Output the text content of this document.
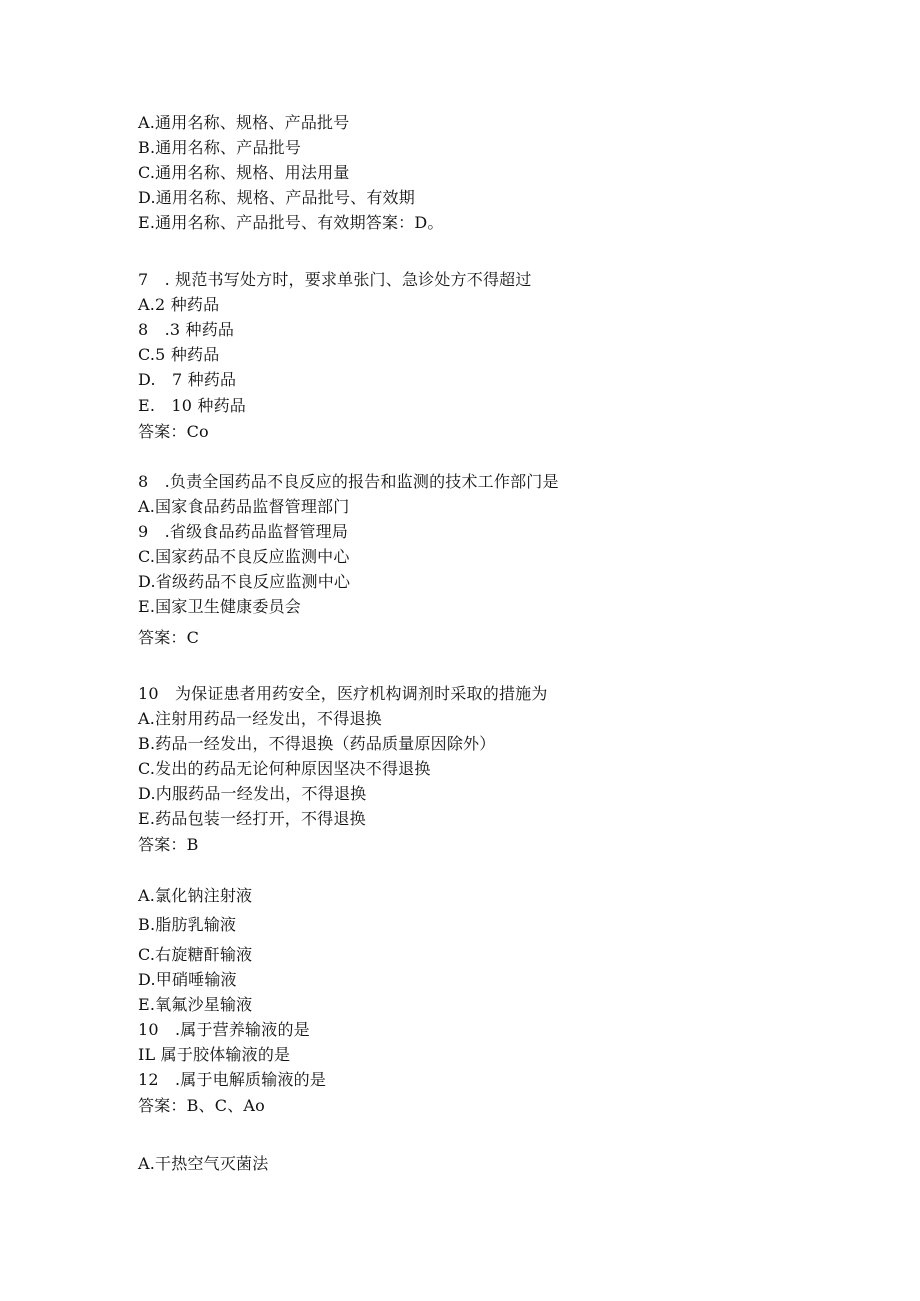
A.通用名称、规格、产品批号
B.通用名称、产品批号
C.通用名称、规格、用法用量
D.通用名称、规格、产品批号、有效期
E.通用名称、产品批号、有效期答案：D。
7　. 规范书写处方时，要求单张门、急诊处方不得超过
A.2 种药品
8　.3 种药品
C.5 种药品
D.　7 种药品
E.　10 种药品
答案：Co
8　.负责全国药品不良反应的报告和监测的技术工作部门是
A.国家食品药品监督管理部门
9　.省级食品药品监督管理局
C.国家药品不良反应监测中心
D.省级药品不良反应监测中心
E.国家卫生健康委员会
答案：C
10　为保证患者用药安全，医疗机构调剂时采取的措施为
A.注射用药品一经发出，不得退换
B.药品一经发出，不得退换（药品质量原因除外）
C.发出的药品无论何种原因坚决不得退换
D.内服药品一经发出，不得退换
E.药品包装一经打开，不得退换
答案：B
A.氯化钠注射液
B.脂肪乳输液
C.右旋糖酐输液
D.甲硝唾输液
E.氧氟沙星输液
10　.属于营养输液的是
IL 属于胶体输液的是
12　.属于电解质输液的是
答案：B、C、Ao
A.干热空气灭菌法
